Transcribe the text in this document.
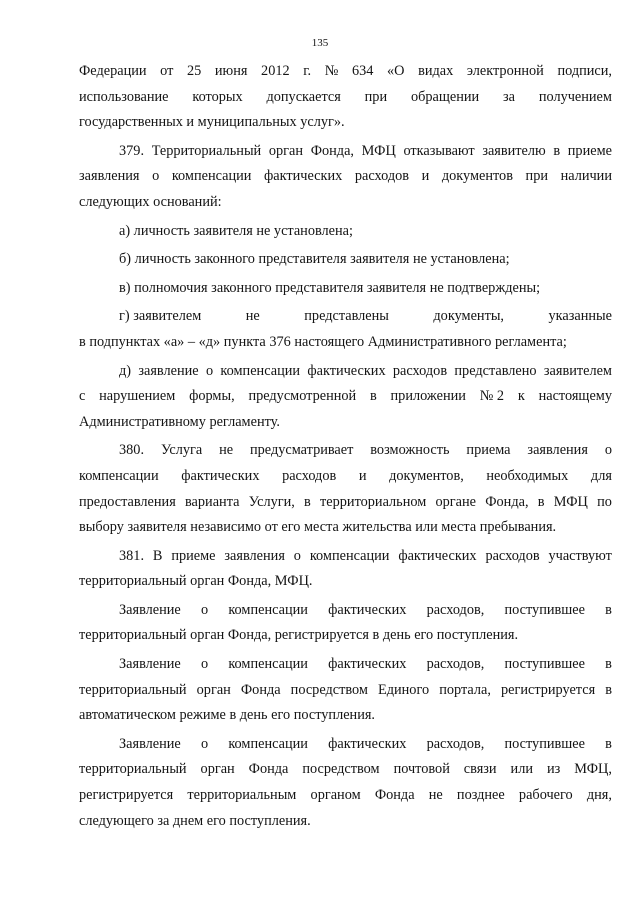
135
Федерации от 25 июня 2012 г. № 634 «О видах электронной подписи,
использование которых допускается при обращении за получением
государственных и муниципальных услуг».
379. Территориальный орган Фонда, МФЦ отказывают заявителю в приеме
заявления о компенсации фактических расходов и документов при наличии
следующих оснований:
а) личность заявителя не установлена;
б) личность законного представителя заявителя не установлена;
в) полномочия законного представителя заявителя не подтверждены;
г) заявителем	не	представлены	документы,	указанные
в подпунктах «а» – «д» пункта 376 настоящего Административного регламента;
д) заявление о компенсации фактических расходов представлено заявителем
с нарушением формы, предусмотренной в приложении № 2 к настоящему
Административному регламенту.
380. Услуга не предусматривает возможность приема заявления о
компенсации фактических расходов и документов, необходимых для
предоставления варианта Услуги, в территориальном органе Фонда, в МФЦ по
выбору заявителя независимо от его места жительства или места пребывания.
381. В приеме заявления о компенсации фактических расходов участвуют
территориальный орган Фонда, МФЦ.
Заявление о компенсации фактических расходов, поступившее в
территориальный орган Фонда, регистрируется в день его поступления.
Заявление о компенсации фактических расходов, поступившее в
территориальный орган Фонда посредством Единого портала, регистрируется в
автоматическом режиме в день его поступления.
Заявление о компенсации фактических расходов, поступившее в
территориальный орган Фонда посредством почтовой связи или из МФЦ,
регистрируется территориальным органом Фонда не позднее рабочего дня,
следующего за днем его поступления.
